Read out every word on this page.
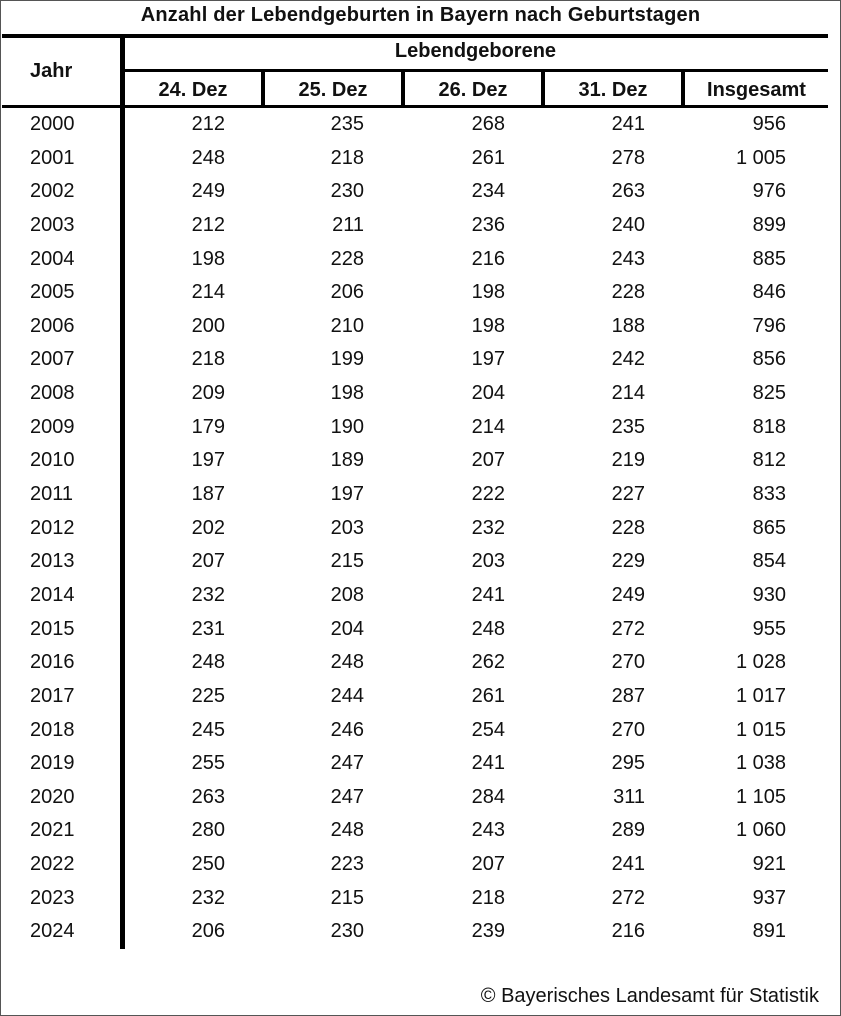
Anzahl der Lebendgeburten in Bayern nach Geburtstagen
Jahr
Lebendgeborene
24. Dez	25. Dez	26. Dez	31. Dez	Insgesamt
2000	212	235	268	241	956
2001	248	218	261	278	1 005
2002	249	230	234	263	976
2003	212	211	236	240	899
2004	198	228	216	243	885
2005	214	206	198	228	846
2006	200	210	198	188	796
2007	218	199	197	242	856
2008	209	198	204	214	825
2009	179	190	214	235	818
2010	197	189	207	219	812
2011	187	197	222	227	833
2012	202	203	232	228	865
2013	207	215	203	229	854
2014	232	208	241	249	930
2015	231	204	248	272	955
2016	248	248	262	270	1 028
2017	225	244	261	287	1 017
2018	245	246	254	270	1 015
2019	255	247	241	295	1 038
2020	263	247	284	311	1 105
2021	280	248	243	289	1 060
2022	250	223	207	241	921
2023	232	215	218	272	937
2024	206	230	239	216	891
© Bayerisches Landesamt für Statistik
